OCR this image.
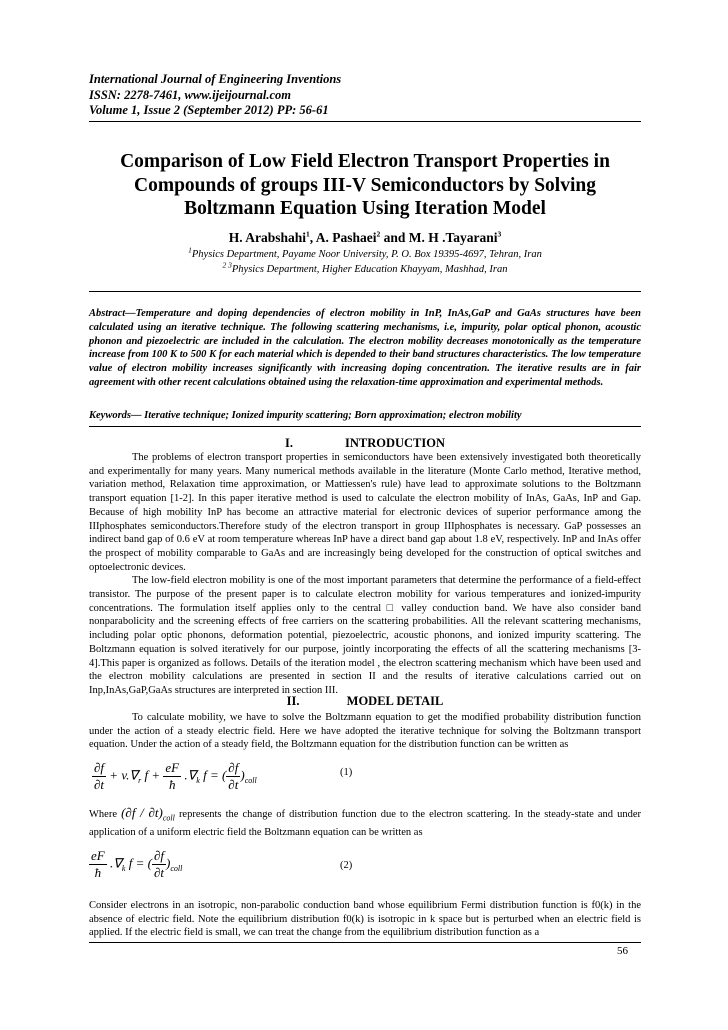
International Journal of Engineering Inventions
ISSN: 2278-7461, www.ijeijournal.com
Volume 1, Issue 2 (September 2012) PP: 56-61
Comparison of Low Field Electron Transport Properties in
Compounds of groups III-V Semiconductors by Solving
Boltzmann Equation Using Iteration Model
H. Arabshahi$^1$, A. Pashaei$^2$ and M. H .Tayarani$^3$
$^1$Physics Department, Payame Noor University, P. O. Box 19395-4697, Tehran, Iran
$^{2 3}$Physics Department, Higher Education Khayyam, Mashhad, Iran
Abstract—Temperature and doping dependencies of electron mobility in InP, InAs,GaP and GaAs structures have been calculated using an iterative technique. The following scattering mechanisms, i.e, impurity, polar optical phonon, acoustic phonon and piezoelectric are included in the calculation. The electron mobility decreases monotonically as the temperature increase from 100 K to 500 K for each material which is depended to their band structures characteristics. The low temperature value of electron mobility increases significantly with increasing doping concentration. The iterative results are in fair agreement with other recent calculations obtained using the relaxation-time approximation and experimental methods.
Keywords— Iterative technique; Ionized impurity scattering; Born approximation; electron mobility
I.	INTRODUCTION

The problems of electron transport properties in semiconductors have been extensively investigated both theoretically and experimentally for many years. Many numerical methods available in the literature (Monte Carlo method, Iterative method, variation method, Relaxation time approximation, or Mattiessen's rule) have lead to approximate solutions to the Boltzmann transport equation [1-2]. In this paper iterative method is used to calculate the electron mobility of InAs, GaAs, InP and Gap. Because of high mobility InP has become an attractive material for electronic devices of superior performance among the IIIphosphates semiconductors.Therefore study of the electron transport in group IIIphosphates is necessary. GaP possesses an indirect band gap of 0.6 eV at room temperature whereas InP have a direct band gap about 1.8 eV, respectively. InP and InAs offer the prospect of mobility comparable to GaAs and are increasingly being developed for the construction of optical switches and optoelectronic devices.

The low-field electron mobility is one of the most important parameters that determine the performance of a field-effect transistor. The purpose of the present paper is to calculate electron mobility for various temperatures and ionized-impurity concentrations. The formulation itself applies only to the central □ valley conduction band. We have also consider band nonparabolicity and the screening effects of free carriers on the scattering probabilities. All the relevant scattering mechanisms, including polar optic phonons, deformation potential, piezoelectric, acoustic phonons, and ionized impurity scattering. The Boltzmann equation is solved iteratively for our purpose, jointly incorporating the effects of all the scattering mechanisms [3-4].This paper is organized as follows. Details of the iteration model , the electron scattering mechanism which have been used and the electron mobility calculations are presented in section II and the results of iterative calculations carried out on Inp,InAs,GaP,GaAs structures are interpreted in section III.

II.	MODEL DETAIL

To calculate mobility, we have to solve the Boltzmann equation to get the modified probability distribution function under the action of a steady electric field. Here we have adopted the iterative technique for solving the Boltzmann transport equation. Under the action of a steady field, the Boltzmann equation for the distribution function can be written as

$\frac{\partial f}{\partial t} + v.\nabla_r$ $f + \frac{eF}{ħ} .\nabla_k$ f = ( $\frac{\partial f}{\partial t} )_{coll}$
(1)
Where $(\partial f / \partial t)_{coll}$ represents the change of distribution function due to the electron scattering. In the steady-state and under application of a uniform electric field the Boltzmann equation can be written as
$\frac{eF}{ħ} .\nabla_k$ f = ( $\frac{\partial f}{\partial t} )_{coll}$	(2)

Consider electrons in an isotropic, non-parabolic conduction band whose equilibrium Fermi distribution function is f0(k) in the absence of electric field. Note the equilibrium distribution f0(k) is isotropic in k space but is perturbed when an electric field is applied. If the electric field is small, we can treat the change from the equilibrium distribution function as a

56
